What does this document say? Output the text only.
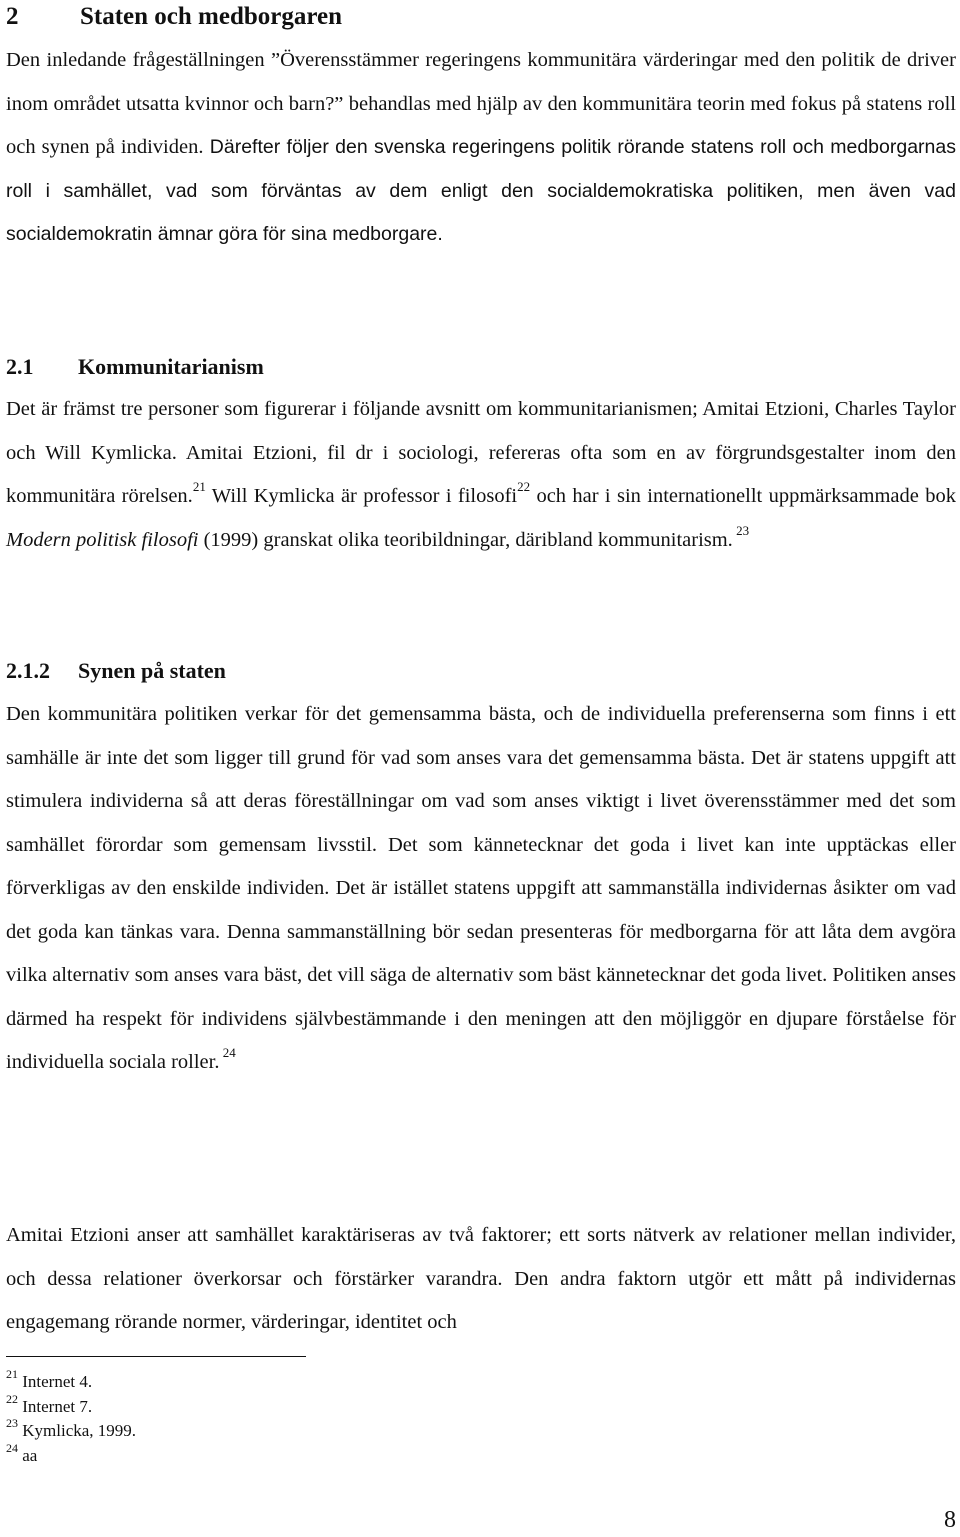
2 Staten och medborgaren
Den inledande frågeställningen ”Överensstämmer regeringens kommunitära värderingar med den politik de driver inom området utsatta kvinnor och barn?” behandlas med hjälp av den kommunitära teorin med fokus på statens roll och synen på individen. Därefter följer den svenska regeringens politik rörande statens roll och medborgarnas roll i samhället, vad som förväntas av dem enligt den socialdemokratiska politiken, men även vad socialdemokratin ämnar göra för sina medborgare.
2.1 Kommunitarianism
Det är främst tre personer som figurerar i följande avsnitt om kommunitarianismen; Amitai Etzioni, Charles Taylor och Will Kymlicka. Amitai Etzioni, fil dr i sociologi, refereras ofta som en av förgrundsgestalter inom den kommunitära rörelsen.$^{21}$ Will Kymlicka är professor i filosofi$^{22}$ och har i sin internationellt uppmärksammade bok Modern politisk filosofi (1999) granskat olika teoribildningar, däribland kommunitarism. $^{23}$
2.1.2 Synen på staten
Den kommunitära politiken verkar för det gemensamma bästa, och de individuella preferenserna som finns i ett samhälle är inte det som ligger till grund för vad som anses vara det gemensamma bästa. Det är statens uppgift att stimulera individerna så att deras föreställningar om vad som anses viktigt i livet överensstämmer med det som samhället förordar som gemensam livsstil. Det som kännetecknar det goda i livet kan inte upptäckas eller förverkligas av den enskilde individen. Det är istället statens uppgift att sammanställa individernas åsikter om vad det goda kan tänkas vara. Denna sammanställning bör sedan presenteras för medborgarna för att låta dem avgöra vilka alternativ som anses vara bäst, det vill säga de alternativ som bäst kännetecknar det goda livet. Politiken anses därmed ha respekt för individens självbestämmande i den meningen att den möjliggör en djupare förståelse för individuella sociala roller. $^{24}$
Amitai Etzioni anser att samhället karaktäriseras av två faktorer; ett sorts nätverk av relationer mellan individer, och dessa relationer överkorsar och förstärker varandra. Den andra faktorn utgör ett mått på individernas engagemang rörande normer, värderingar, identitet och
$^{21}$ Internet 4.
$^{22}$ Internet 7.
$^{23}$ Kymlicka, 1999.
$^{24}$ aa
8
